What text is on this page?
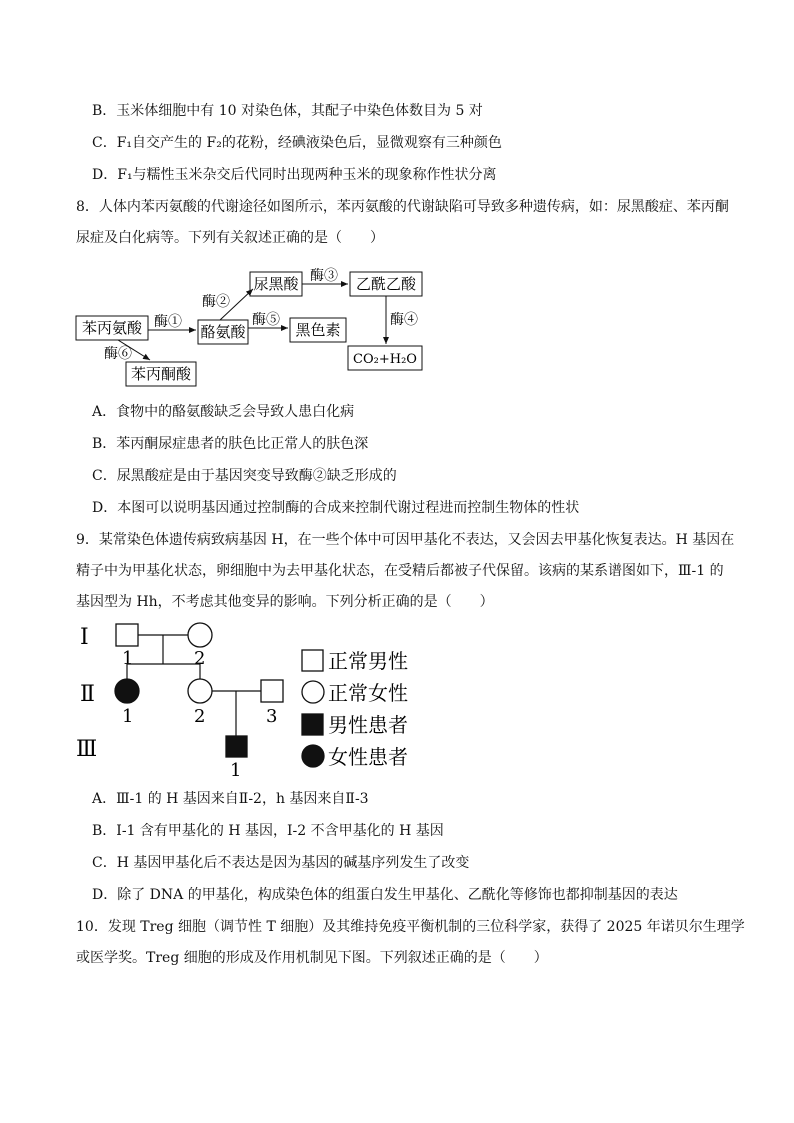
B．玉米体细胞中有 10 对染色体，其配子中染色体数目为 5 对
C．F₁自交产生的 F₂的花粉，经碘液染色后，显微观察有三种颜色
D．F₁与糯性玉米杂交后代同时出现两种玉米的现象称作性状分离
8．人体内苯丙氨酸的代谢途径如图所示，苯丙氨酸的代谢缺陷可导致多种遗传病，如：尿黑酸症、苯丙酮
尿症及白化病等。下列有关叙述正确的是（　　）
苯丙氨酸	酪氨酸
尿黑酸	乙酰乙酸
黑色素
CO₂+H₂O
苯丙酮酸
酶①
酶②
酶③
酶④
酶⑤
酶⑥
A．食物中的酪氨酸缺乏会导致人患白化病
B．苯丙酮尿症患者的肤色比正常人的肤色深
C．尿黑酸症是由于基因突变导致酶②缺乏形成的
D．本图可以说明基因通过控制酶的合成来控制代谢过程进而控制生物体的性状
9．某常染色体遗传病致病基因 H，在一些个体中可因甲基化不表达，又会因去甲基化恢复表达。H 基因在
精子中为甲基化状态，卵细胞中为去甲基化状态，在受精后都被子代保留。该病的某系谱图如下，Ⅲ-1 的
基因型为 Hh，不考虑其他变异的影响。下列分析正确的是（　　）
Ⅰ
Ⅱ
Ⅲ
1	2
1	2	3
1
正常男性
正常女性
男性患者
女性患者
A．Ⅲ-1 的 H 基因来自Ⅱ-2，h 基因来自Ⅱ-3
B．Ⅰ-1 含有甲基化的 H 基因，Ⅰ-2 不含甲基化的 H 基因
C．H 基因甲基化后不表达是因为基因的碱基序列发生了改变
D．除了 DNA 的甲基化，构成染色体的组蛋白发生甲基化、乙酰化等修饰也都抑制基因的表达
10．发现 Treg 细胞（调节性 T 细胞）及其维持免疫平衡机制的三位科学家，获得了 2025 年诺贝尔生理学
或医学奖。Treg 细胞的形成及作用机制见下图。下列叙述正确的是（　　）
